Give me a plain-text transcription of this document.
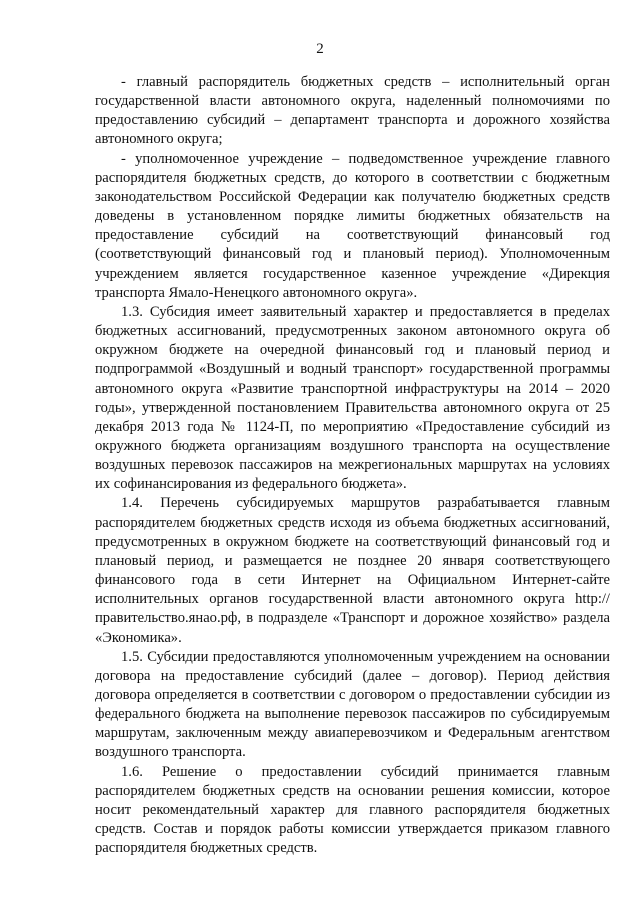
2

- главный распорядитель бюджетных средств – исполнительный орган государственной власти автономного округа, наделенный полномочиями по предоставлению субсидий – департамент транспорта и дорожного хозяйства автономного округа;

- уполномоченное учреждение – подведомственное учреждение главного распорядителя бюджетных средств, до которого в соответствии с бюджетным законодательством Российской Федерации как получателю бюджетных средств доведены в установленном порядке лимиты бюджетных обязательств на предоставление субсидий на соответствующий финансовый год (соответствующий финансовый год и плановый период). Уполномоченным учреждением является государственное казенное учреждение «Дирекция транспорта Ямало-Ненецкого автономного округа».

1.3. Субсидия имеет заявительный характер и предоставляется в пределах бюджетных ассигнований, предусмотренных законом автономного округа об окружном бюджете на очередной финансовый год и плановый период и подпрограммой «Воздушный и водный транспорт» государственной программы автономного округа «Развитие транспортной инфраструктуры на 2014 – 2020 годы», утвержденной постановлением Правительства автономного округа от 25 декабря 2013 года № 1124-П, по мероприятию «Предоставление субсидий из окружного бюджета организациям воздушного транспорта на осуществление воздушных перевозок пассажиров на межрегиональных маршрутах на условиях их софинансирования из федерального бюджета».

1.4. Перечень субсидируемых маршрутов разрабатывается главным распорядителем бюджетных средств исходя из объема бюджетных ассигнований, предусмотренных в окружном бюджете на соответствующий финансовый год и плановый период, и размещается не позднее 20 января соответствующего финансового года в сети Интернет на Официальном Интернет-сайте исполнительных органов государственной власти автономного округа http://правительство.янао.рф, в подразделе «Транспорт и дорожное хозяйство» раздела «Экономика».

1.5. Субсидии предоставляются уполномоченным учреждением на основании договора на предоставление субсидий (далее – договор). Период действия договора определяется в соответствии с договором о предоставлении субсидии из федерального бюджета на выполнение перевозок пассажиров по субсидируемым маршрутам, заключенным между авиаперевозчиком и Федеральным агентством воздушного транспорта.

1.6. Решение о предоставлении субсидий принимается главным распорядителем бюджетных средств на основании решения комиссии, которое носит рекомендательный характер для главного распорядителя бюджетных средств. Состав и порядок работы комиссии утверждается приказом главного распорядителя бюджетных средств.
